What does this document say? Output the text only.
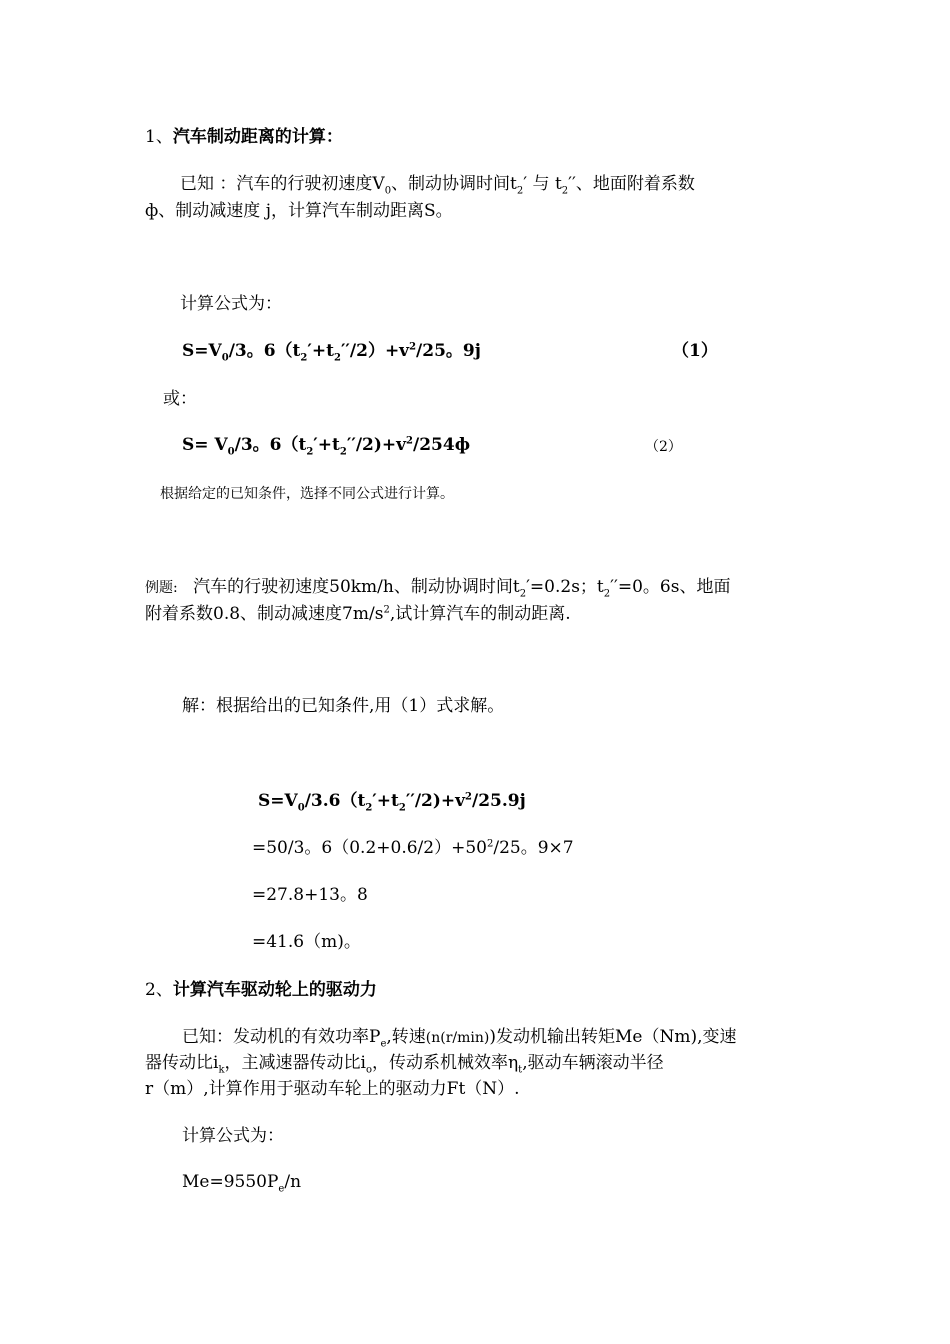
1、汽车制动距离的计算：
已知 ：汽车的行驶初速度$V_0$、制动协调时间$t_2'$ 与 $t_2''$、地面附着系数
ф、制动减速度 j，计算汽车制动距离S。
计算公式为：
$S=V_0/3$。$6(t_2'+t_2''/2)+v^2/25$。9j	（1）
或：
$S= V_0/3$。$6(t_2'+t_2''/2)+v^2/254ф$	（2）
根据给定的已知条件，选择不同公式进行计算。
例题: 汽车的行驶初速度50km/h、制动协调时间$t_2'=0.2s$；$t_2''=0$。6s、地面
附着系数0.8、制动减速度$7m/s^2$,试计算汽车的制动距离.
解：根据给出的已知条件,用（1）式求解。
$S=V_0/3.6(t_2'+t_2''/2)+v^2/25.9j$
=50/3。$6(0.2+0.6/2)+50^2/25$。9×7
=27.8+13。8
=41.6（m)。
2、计算汽车驱动轮上的驱动力
已知：发动机的有效功率$P_e$,转速(n(r/min))发动机输出转矩Me（Nm),变速
器传动比$i_k$，主减速器传动比$i_o$，传动系机械效率$\eta_t$,驱动车辆滚动半径
r（m）,计算作用于驱动车轮上的驱动力Ft（N）.
计算公式为：
$Me=9550P_e/n$
